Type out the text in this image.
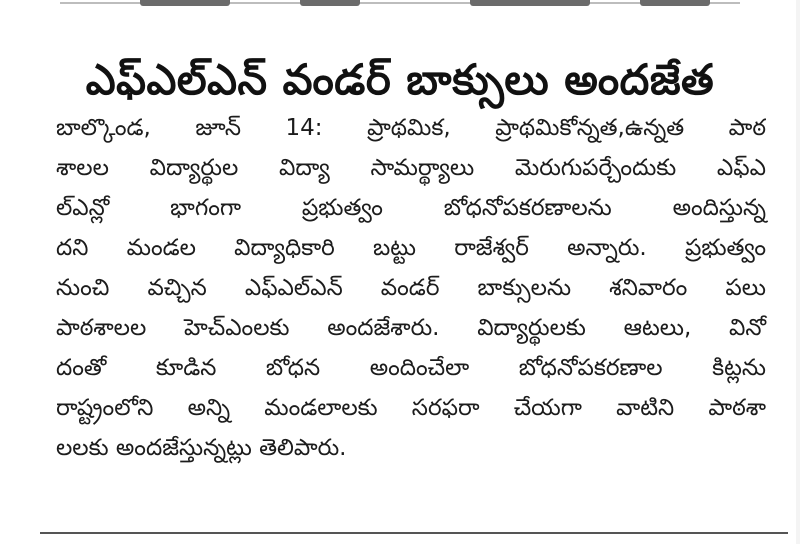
ఎఫ్ఎల్ఎన్ వండర్ బాక్సులు అందజేత
బాల్కొండ, జూన్ 14: ప్రాథమిక, ప్రాథమికోన్నత,ఉన్నత పాఠ
శాలల విద్యార్థుల విద్యా సామర్థ్యాలు మెరుగుపర్చేందుకు ఎఫ్ఎ
ల్ఎన్లో భాగంగా ప్రభుత్వం బోధనోపకరణాలను అందిస్తున్న
దని మండల విద్యాధికారి బట్టు రాజేశ్వర్ అన్నారు. ప్రభుత్వం
నుంచి వచ్చిన ఎఫ్ఎల్ఎన్ వండర్ బాక్సులను శనివారం పలు
పాఠశాలల హెచ్ఎంలకు అందజేశారు. విద్యార్థులకు ఆటలు, వినో
దంతో కూడిన బోధన అందించేలా బోధనోపకరణాల కిట్లను
రాష్ట్రంలోని అన్ని మండలాలకు సరఫరా చేయగా వాటిని పాఠశా
లలకు అందజేస్తున్నట్లు తెలిపారు.
